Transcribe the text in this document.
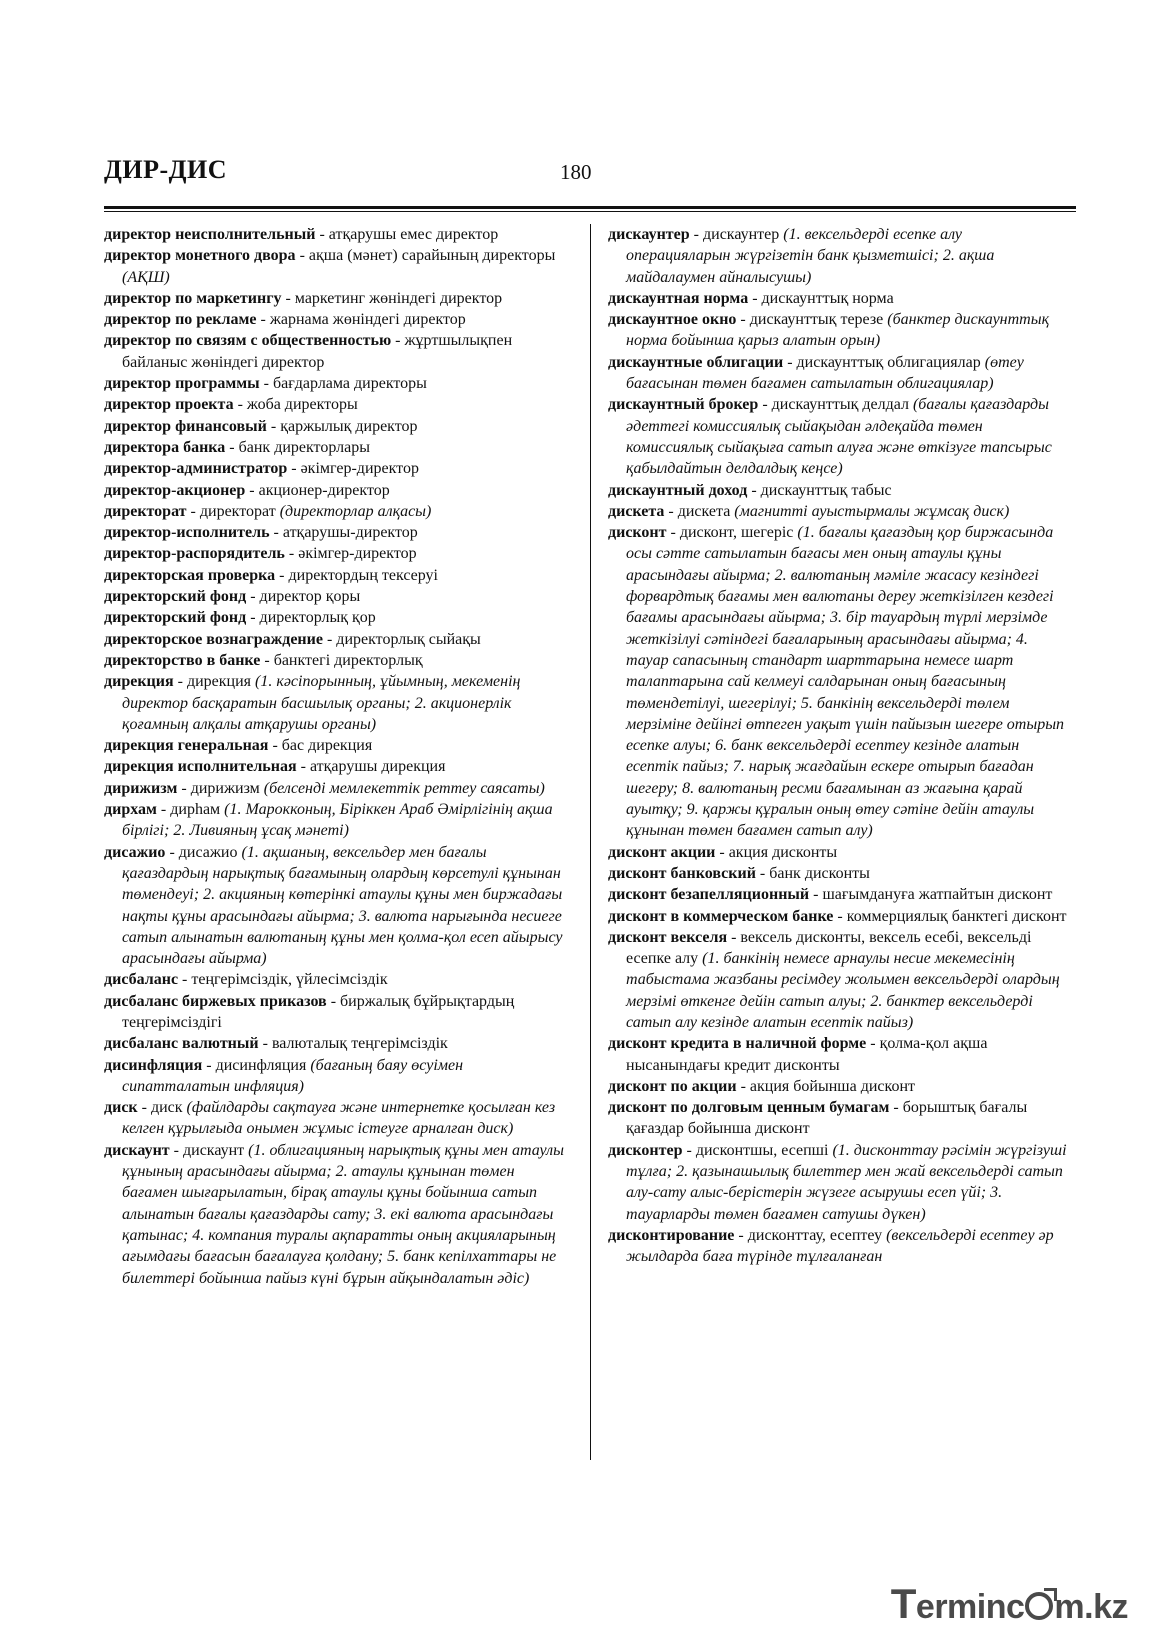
ДИР-ДИС	180

директор неисполнительный - атқарушы емес директор

директор монетного двора - ақша (мәнет) сарайының директоры (АҚШ)

директор по маркетингу - маркетинг жөніндегі директор

директор по рекламе - жарнама жөніндегі директор

директор по связям с общественностью - жұртшылықпен байланыс жөніндегі директор

директор программы - бағдарлама директоры

директор проекта - жоба директоры

директор финансовый - қаржылық директор

директора банка - банк директорлары

директор-администратор - әкімгер-директор

директор-акционер - акционер-директор

директорат - директорат (директорлар алқасы)

директор-исполнитель - атқарушы-директор

директор-распорядитель - әкімгер-директор

директорская проверка - директордың тексеруі

директорский фонд - директор қоры

директорский фонд - директорлық қор

директорское вознаграждение - директорлық сыйақы

директорство в банке - банктегі директорлық

дирекция - дирекция (1. кәсіпорынның, ұйымның, мекеменің директор басқаратын басшылық органы; 2. акционерлік қоғамның алқалы атқарушы органы)

дирекция генеральная - бас дирекция

дирекция исполнительная - атқарушы дирекция

дирижизм - дирижизм (белсенді мемлекеттік реттеу саясаты)

дирхам - дирһам (1. Марокконың, Біріккен Араб Әмірлігінің ақша бірлігі; 2. Ливияның ұсақ мәнеті)

дисажио - дисажио (1. ақшаның, вексельдер мен бағалы қағаздардың нарықтық бағамының олардың көрсетулі құнынан төмендеуі; 2. акцияның көтерінкі атаулы құны мен биржадағы нақты құны арасындағы айырма; 3. валюта нарығында несиеге сатып алынатын валютаның құны мен қолма-қол есеп айырысу арасындағы айырма)

дисбаланс - теңгерімсіздік, үйлесімсіздік

дисбаланс биржевых приказов - биржалық бұйрықтардың теңгерімсіздігі

дисбаланс валютный - валюталық теңгерімсіздік

дисинфляция - дисинфляция (бағаның баяу өсуімен сипатталатын инфляция)

диск - диск (файлдарды сақтауға және интернетке қосылған кез келген құрылғыда онымен жұмыс істеуге арналған диск)

дискаунт - дискаунт (1. облигацияның нарықтық құны мен атаулы құнының арасындағы айырма; 2. атаулы құнынан төмен бағамен шығарылатын, бірақ атаулы құны бойынша сатып алынатын бағалы қағаздарды сату; 3. екі валюта арасындағы қатынас; 4. компания туралы ақпаратты оның акцияларының ағымдағы бағасын бағалауға қолдану; 5. банк кепілхаттары не билеттері бойынша пайыз күні бұрын айқындалатын әдіс)

дискаунтер - дискаунтер (1. вексельдерді есепке алу операцияларын жүргізетін банк қызметшісі; 2. ақша майдалаумен айналысушы)

дискаунтная норма - дискаунттық норма

дискаунтное окно - дискаунттық терезе (банктер дискаунттық норма бойынша қарыз алатын орын)

дискаунтные облигации - дискаунттық облигациялар (өтеу бағасынан төмен бағамен сатылатын облигациялар)

дискаунтный брокер - дискаунттық делдал (бағалы қағаздарды әдеттегі комиссиялық сыйақыдан әлдеқайда төмен комиссиялық сыйақыға сатып алуға және өткізуге тапсырыс қабылдайтын делдалдық кеңсе)

дискаунтный доход - дискаунттық табыс

дискета - дискета (магнитті ауыстырмалы жұмсақ диск)

дисконт - дисконт, шегеріс (1. бағалы қағаздың қор биржасында осы сәтте сатылатын бағасы мен оның атаулы құны арасындағы айырма; 2. валютаның мәміле жасасу кезіндегі форвардтық бағамы мен валютаны дереу жеткізілген кездегі бағамы арасындағы айырма; 3. бір тауардың түрлі мерзімде жеткізілуі сәтіндегі бағаларының арасындағы айырма; 4. тауар сапасының стандарт шарттарына немесе шарт талаптарына сай келмеуі салдарынан оның бағасының төмендетілуі, шегерілуі; 5. банкінің вексельдерді төлем мерзіміне дейінгі өтпеген уақыт үшін пайызын шегере отырып есепке алуы; 6. банк вексельдерді есептеу кезінде алатын есептік пайыз; 7. нарық жағдайын ескере отырып бағадан шегеру; 8. валютаның ресми бағамынан аз жағына қарай ауытқу; 9. қаржы құралын оның өтеу сәтіне дейін атаулы құнынан төмен бағамен сатып алу)

дисконт акции - акция дисконты

дисконт банковский - банк дисконты

дисконт безапелляционный - шағымдануға жатпайтын дисконт

дисконт в коммерческом банке - коммерциялық банктегі дисконт

дисконт векселя - вексель дисконты, вексель есебі, вексельді есепке алу (1. банкінің немесе арнаулы несие мекемесінің табыстама жазбаны ресімдеу жолымен вексельдерді олардың мерзімі өткенге дейін сатып алуы; 2. банктер вексельдерді сатып алу кезінде алатын есептік пайыз)

дисконт кредита в наличной форме - қолма-қол ақша нысанындағы кредит дисконты

дисконт по акции - акция бойынша дисконт

дисконт по долговым ценным бумагам - борыштық бағалы қағаздар бойынша дисконт

дисконтер - дисконтшы, есепші (1. дисконттау рәсімін жүргізуші тұлға; 2. қазынашылық билеттер мен жай вексельдерді сатып алу-сату алыс-берістерін жүзеге асырушы есеп үйі; 3. тауарларды төмен бағамен сатушы дүкен)

дисконтирование - дисконттау, есептеу (вексельдерді есептеу әр жылдарда баға түрінде тұлғаланған

Terminc m.kz
